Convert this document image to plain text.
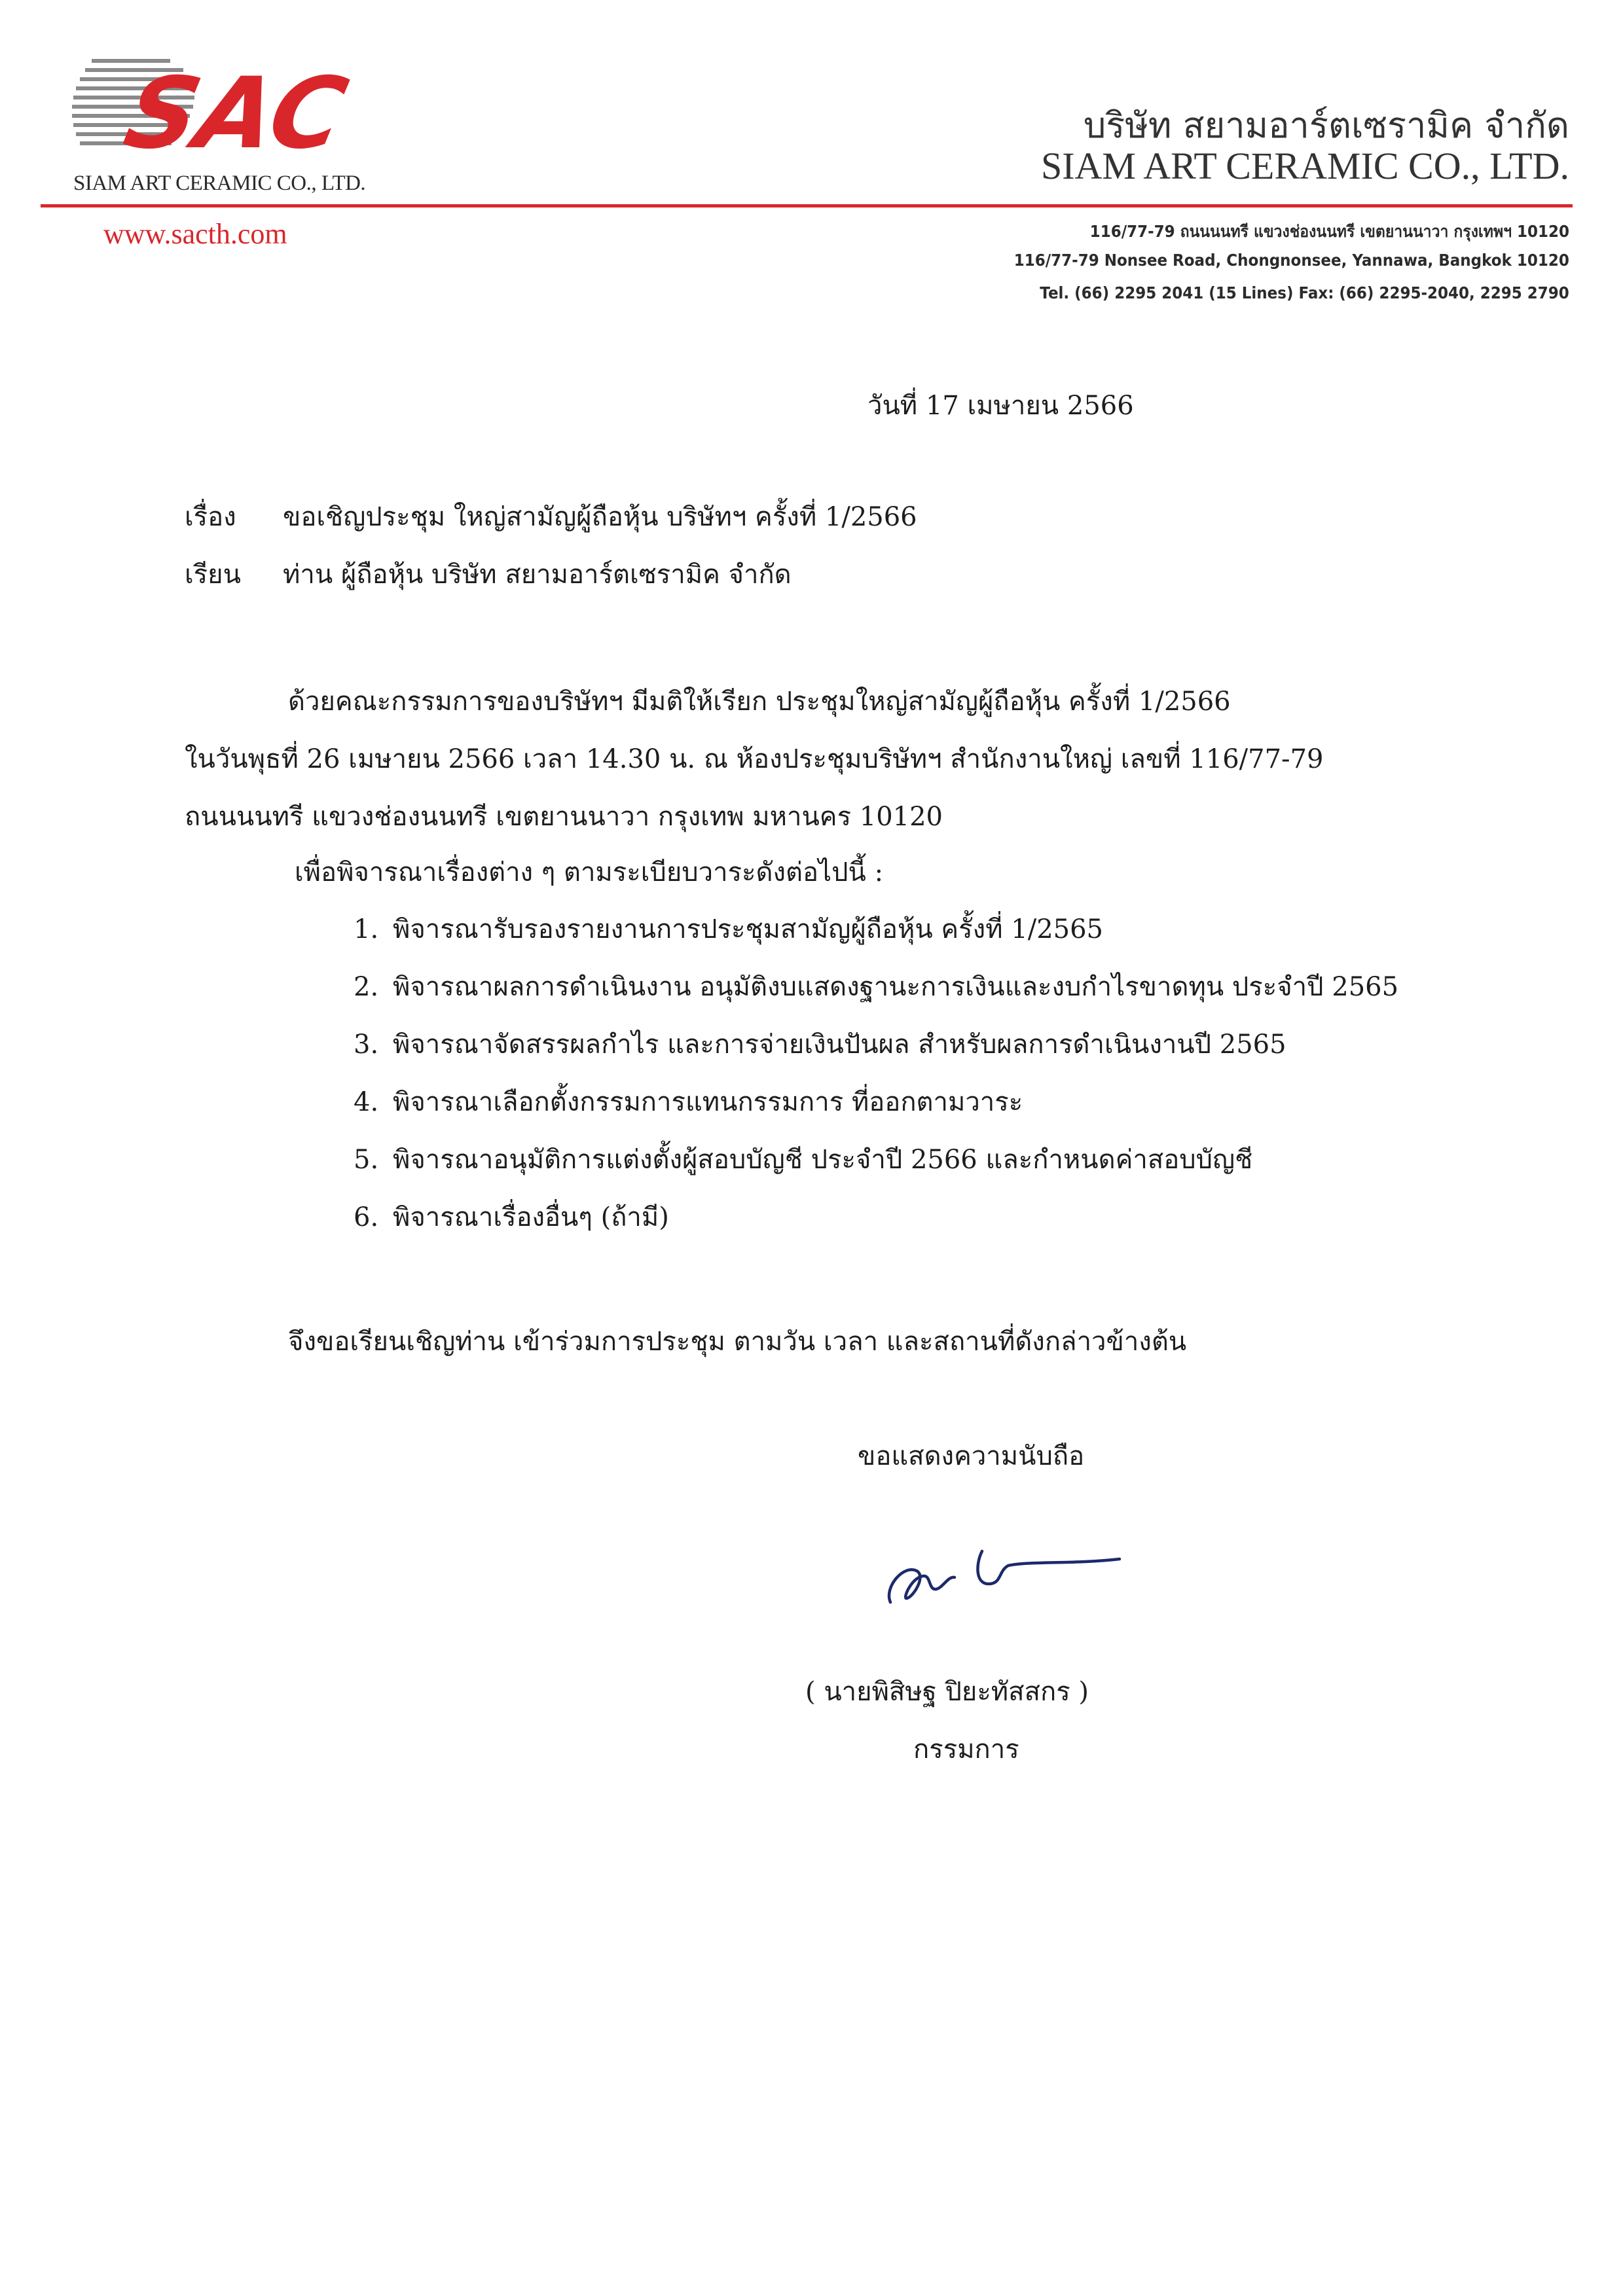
SAC
SIAM ART CERAMIC CO., LTD.
บริษัท สยามอาร์ตเซรามิค จำกัด
SIAM ART CERAMIC CO., LTD.
www.sacth.com	116/77-79 ถนนนนทรี แขวงช่องนนทรี เขตยานนาวา กรุงเทพฯ 10120
116/77-79 Nonsee Road, Chongnonsee, Yannawa, Bangkok 10120
Tel. (66) 2295 2041 (15 Lines) Fax: (66) 2295-2040, 2295 2790
วันที่ 17 เมษายน 2566
เรื่อง ขอเชิญประชุม ใหญ่สามัญผู้ถือหุ้น บริษัทฯ ครั้งที่ 1/2566
เรียน ท่าน ผู้ถือหุ้น บริษัท สยามอาร์ตเซรามิค จำกัด
ด้วยคณะกรรมการของบริษัทฯ มีมติให้เรียก ประชุมใหญ่สามัญผู้ถือหุ้น ครั้งที่ 1/2566
ในวันพุธที่ 26 เมษายน 2566 เวลา 14.30 น. ณ ห้องประชุมบริษัทฯ สำนักงานใหญ่ เลขที่ 116/77-79
ถนนนนทรี แขวงช่องนนทรี เขตยานนาวา กรุงเทพ มหานคร 10120
เพื่อพิจารณาเรื่องต่าง ๆ ตามระเบียบวาระดังต่อไปนี้ :
1. พิจารณารับรองรายงานการประชุมสามัญผู้ถือหุ้น ครั้งที่ 1/2565
2. พิจารณาผลการดำเนินงาน อนุมัติงบแสดงฐานะการเงินและงบกำไรขาดทุน ประจำปี 2565
3. พิจารณาจัดสรรผลกำไร และการจ่ายเงินปันผล สำหรับผลการดำเนินงานปี 2565
4. พิจารณาเลือกตั้งกรรมการแทนกรรมการ ที่ออกตามวาระ
5. พิจารณาอนุมัติการแต่งตั้งผู้สอบบัญชี ประจำปี 2566 และกำหนดค่าสอบบัญชี
6. พิจารณาเรื่องอื่นๆ (ถ้ามี)
จึงขอเรียนเชิญท่าน เข้าร่วมการประชุม ตามวัน เวลา และสถานที่ดังกล่าวข้างต้น
ขอแสดงความนับถือ
( นายพิสิษฐ ปิยะทัสสกร )
กรรมการ
